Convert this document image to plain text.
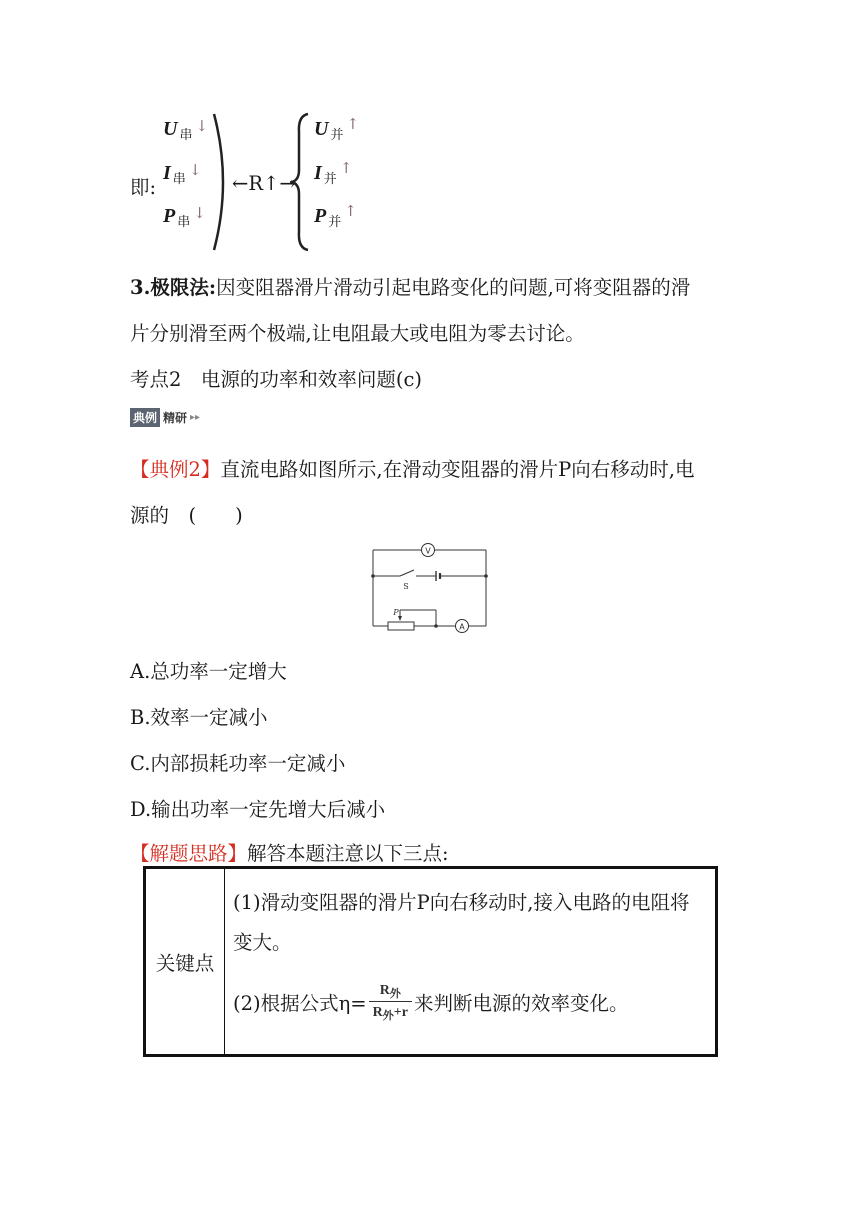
即:
U $_串$↓
I $_串$↓
P $_串$↓
←R↑→
U $_并$↑
I $_并$↑
P $_并$↑
3.极限法:因变阻器滑片滑动引起电路变化的问题,可将变阻器的滑
片分别滑至两个极端,让电阻最大或电阻为零去讨论。
考点2　电源的功率和效率问题(c)
典例 精研 ▸▸
【典例2】直流电路如图所示,在滑动变阻器的滑片P向右移动时,电
源的　(　　)
V
A
S
P
A.总功率一定增大
B.效率一定减小
C.内部损耗功率一定减小
D.输出功率一定先增大后减小
【解题思路】解答本题注意以下三点:
关键点	
(1)滑动变阻器的滑片P向右移动时,接入电路的电阻将
变大。
(2)根据公式$\eta= \frac{R_外}{R_外+r}$ 来判断电源的效率变化。
